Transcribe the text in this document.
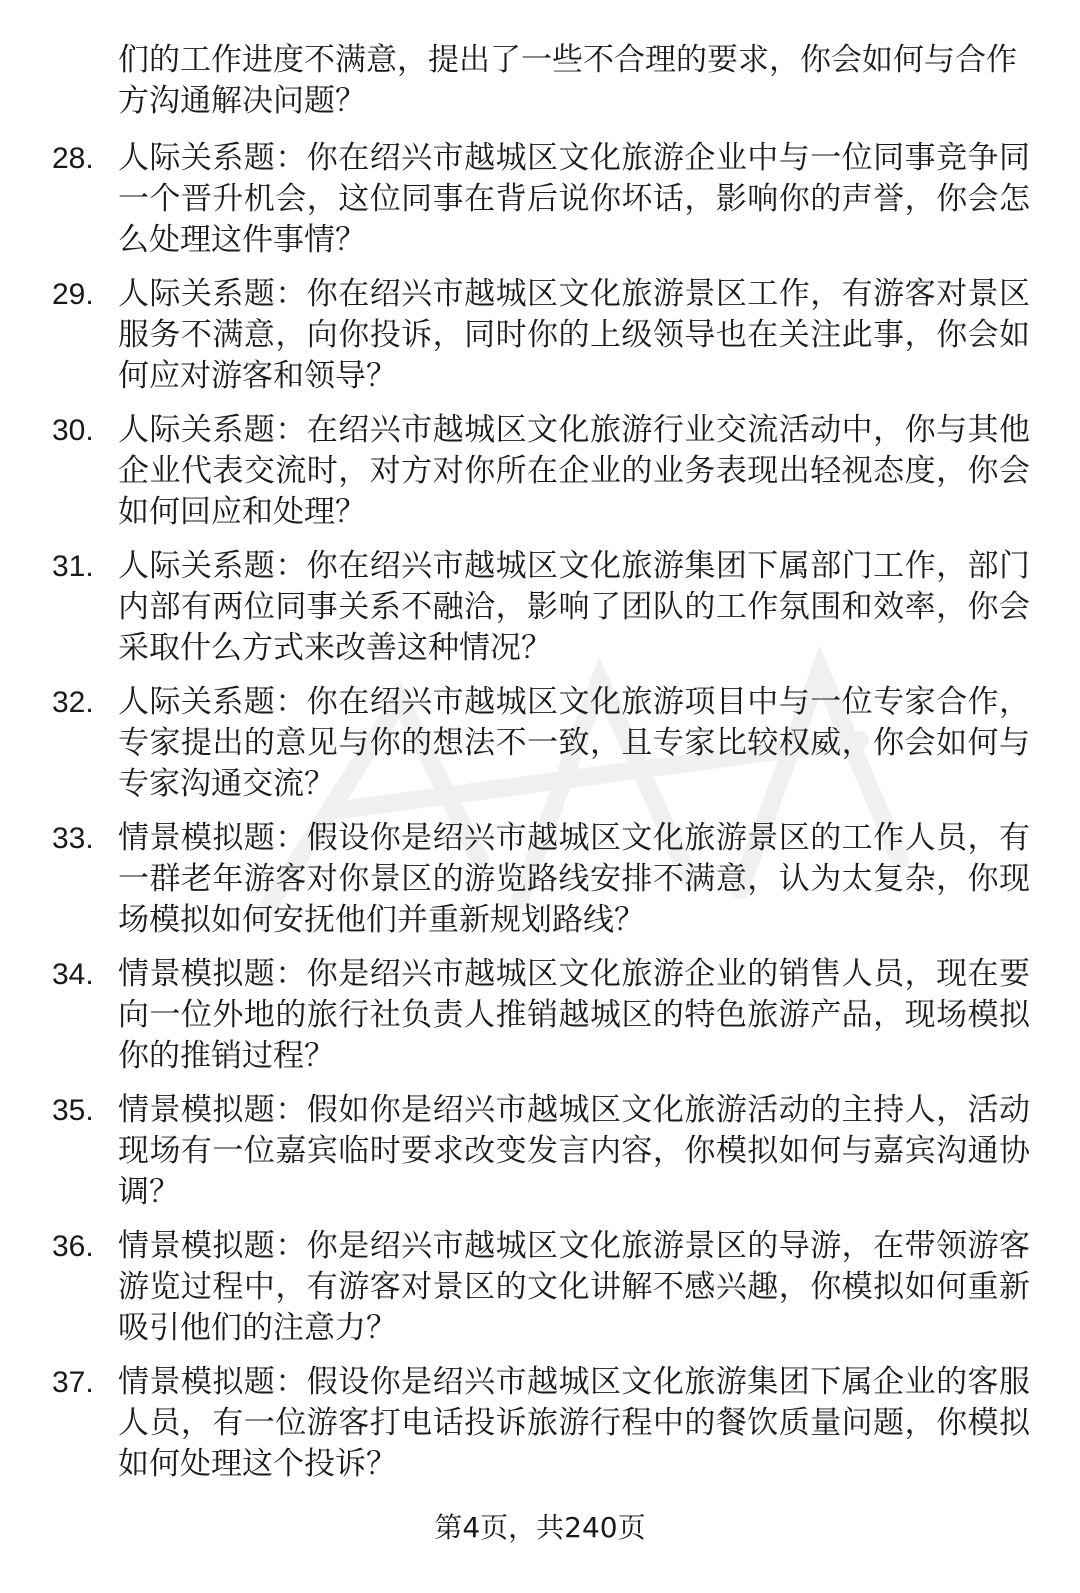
们的工作进度不满意，提出了一些不合理的要求，你会如何与合作方沟通解决问题？

28. 人际关系题：你在绍兴市越城区文化旅游企业中与一位同事竞争同一个晋升机会，这位同事在背后说你坏话，影响你的声誉，你会怎么处理这件事情？
29. 人际关系题：你在绍兴市越城区文化旅游景区工作，有游客对景区服务不满意，向你投诉，同时你的上级领导也在关注此事，你会如何应对游客和领导？
30. 人际关系题：在绍兴市越城区文化旅游行业交流活动中，你与其他企业代表交流时，对方对你所在企业的业务表现出轻视态度，你会如何回应和处理？
31. 人际关系题：你在绍兴市越城区文化旅游集团下属部门工作，部门内部有两位同事关系不融洽，影响了团队的工作氛围和效率，你会采取什么方式来改善这种情况？
32. 人际关系题：你在绍兴市越城区文化旅游项目中与一位专家合作，专家提出的意见与你的想法不一致，且专家比较权威，你会如何与专家沟通交流？
33. 情景模拟题：假设你是绍兴市越城区文化旅游景区的工作人员，有一群老年游客对你景区的游览路线安排不满意，认为太复杂，你现场模拟如何安抚他们并重新规划路线？
34. 情景模拟题：你是绍兴市越城区文化旅游企业的销售人员，现在要向一位外地的旅行社负责人推销越城区的特色旅游产品，现场模拟你的推销过程？
35. 情景模拟题：假如你是绍兴市越城区文化旅游活动的主持人，活动现场有一位嘉宾临时要求改变发言内容，你模拟如何与嘉宾沟通协调？
36. 情景模拟题：你是绍兴市越城区文化旅游景区的导游，在带领游客游览过程中，有游客对景区的文化讲解不感兴趣，你模拟如何重新吸引他们的注意力？
37. 情景模拟题：假设你是绍兴市越城区文化旅游集团下属企业的客服人员，有一位游客打电话投诉旅游行程中的餐饮质量问题，你模拟如何处理这个投诉？
第4页，共240页
